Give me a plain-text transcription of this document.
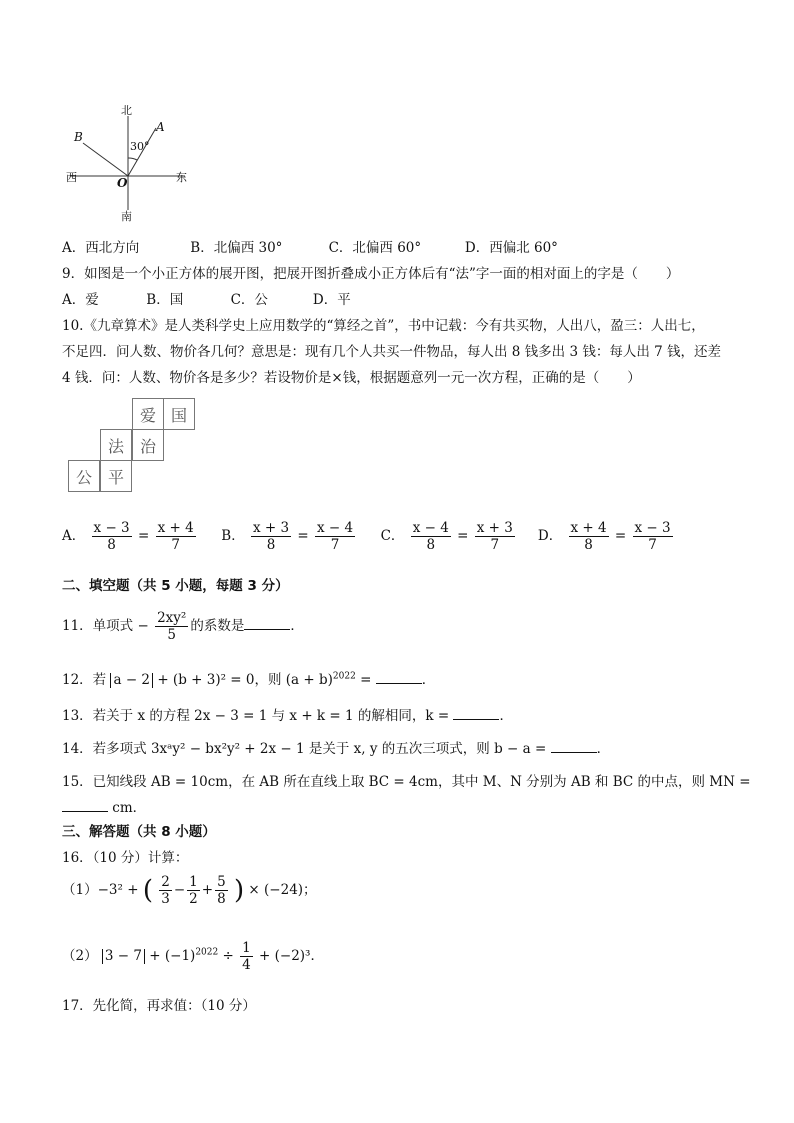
北
南
西	东
B
A
O
30°
A．西北方向	B．北偏西 30°	C．北偏西 60°	D．西偏北 60°
9．如图是一个小正方体的展开图，把展开图折叠成小正方体后有“法”字一面的相对面上的字是（ ）
A．爱	B．国	C．公	D．平
10.《九章算术》是人类科学史上应用数学的“算经之首”，书中记载：今有共买物，人出八，盈三：人出七，
不足四．问人数、物价各几何？意思是：现有几个人共买一件物品，每人出 8 钱多出 3 钱：每人出 7 钱，还差
4 钱．问：人数、物价各是多少？若设物价是×钱，根据题意列一元一次方程，正确的是（ ）
爱 国
法 治
公 平
A． $\frac{x - 3}{8} = \frac{x + 4}{7}$ B． $\frac{x + 3}{8} = \frac{x - 4}{7}$ C． $\frac{x - 4}{8} = \frac{x + 3}{7}$ D． $\frac{x + 4}{8} = \frac{x - 3}{7}$
二、填空题（共 5 小题，每题 3 分）
11．单项式 − $\frac{\text{2xy²}}{5}$ 的系数是	．
12．若 a − 2 + (b + 3)² = 0，则 $(a + b)^{2022}$ =	．
13．若关于 x 的方程 2x − 3 = 1 与 x + k = 1 的解相同，k =	．
14．若多项式 3xᵃy² − bx²y² + 2x − 1 是关于 x, y 的五次三项式，则 b − a =	．
15．已知线段 AB = 10cm，在 AB 所在直线上取 BC = 4cm，其中 M、N 分别为 AB 和 BC 的中点，则 MN =
cm．
三、解答题（共 8 小题）
16．（10 分）计算：
（1）−3² + ( $\frac{2}{3} - \frac{1}{2} + \frac{5}{8}$ ) × (−24)；
（2） $3 - 7 + (-1)^{2022} \div \frac{1}{4} + (-2)^3$．
17．先化简，再求值：（10 分）
